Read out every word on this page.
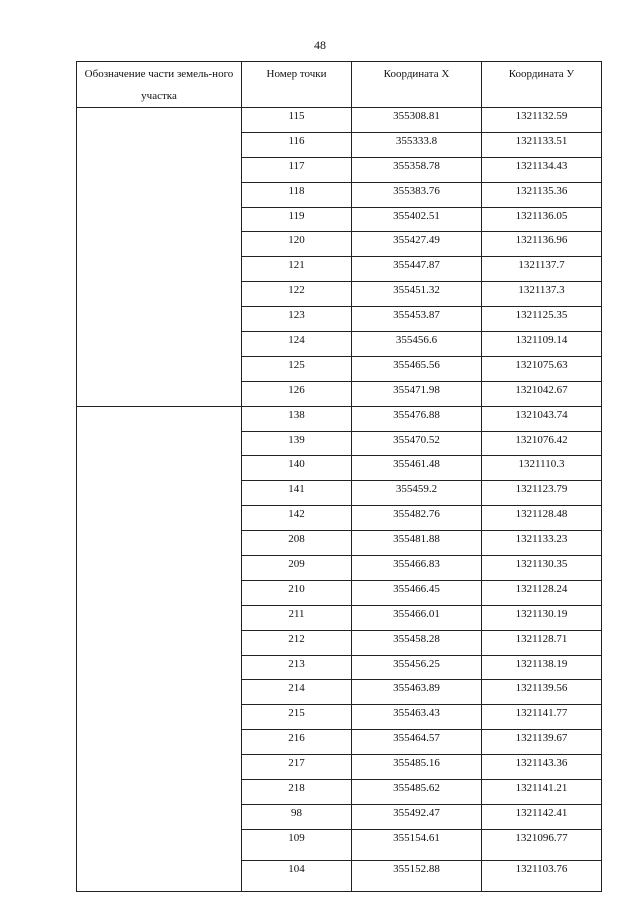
48
Обозначение части земель-ного участка	Номер точки	Координата Х	Координата У
	115	355308.81	1321132.59
	116	355333.8	1321133.51
	117	355358.78	1321134.43
	118	355383.76	1321135.36
	119	355402.51	1321136.05
	120	355427.49	1321136.96
	121	355447.87	1321137.7
	122	355451.32	1321137.3
	123	355453.87	1321125.35
	124	355456.6	1321109.14
	125	355465.56	1321075.63
	126	355471.98	1321042.67
	138	355476.88	1321043.74
	139	355470.52	1321076.42
	140	355461.48	1321110.3
	141	355459.2	1321123.79
	142	355482.76	1321128.48
	208	355481.88	1321133.23
	209	355466.83	1321130.35
	210	355466.45	1321128.24
	211	355466.01	1321130.19
	212	355458.28	1321128.71
	213	355456.25	1321138.19
	214	355463.89	1321139.56
	215	355463.43	1321141.77
	216	355464.57	1321139.67
	217	355485.16	1321143.36
	218	355485.62	1321141.21
	98	355492.47	1321142.41
	109	355154.61	1321096.77
	104	355152.88	1321103.76
